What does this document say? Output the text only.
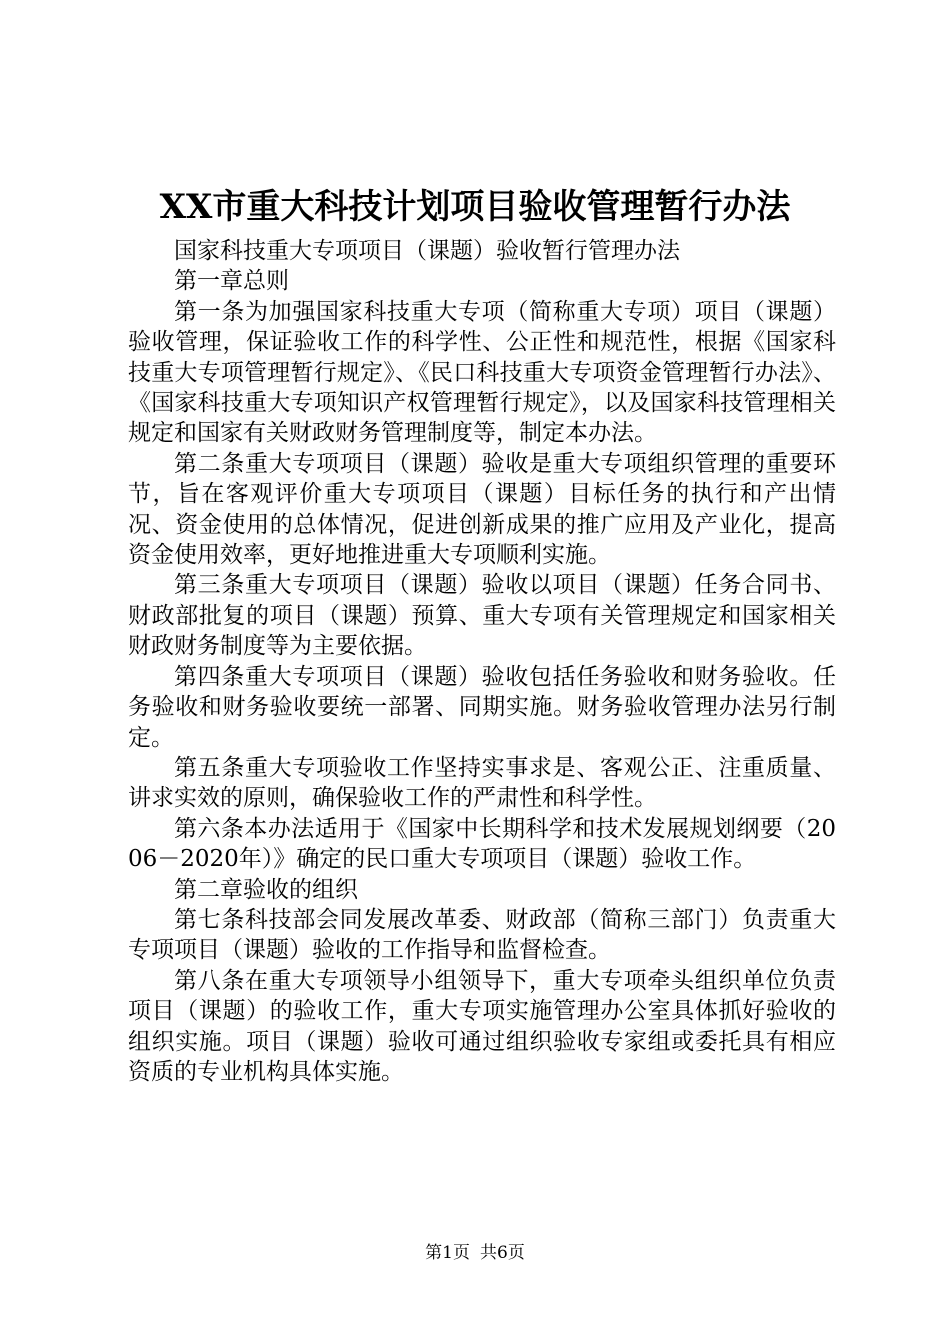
XX市重大科技计划项目验收管理暂行办法

国家科技重大专项项目（课题）验收暂行管理办法

第一章总则

第一条为加强国家科技重大专项（简称重大专项）项目（课题）验收管理，保证验收工作的科学性、公正性和规范性，根据《国家科技重大专项管理暂行规定》、《民口科技重大专项资金管理暂行办法》、《国家科技重大专项知识产权管理暂行规定》，以及国家科技管理相关规定和国家有关财政财务管理制度等，制定本办法。

第二条重大专项项目（课题）验收是重大专项组织管理的重要环节，旨在客观评价重大专项项目（课题）目标任务的执行和产出情况、资金使用的总体情况，促进创新成果的推广应用及产业化，提高资金使用效率，更好地推进重大专项顺利实施。

第三条重大专项项目（课题）验收以项目（课题）任务合同书、财政部批复的项目（课题）预算、重大专项有关管理规定和国家相关财政财务制度等为主要依据。

第四条重大专项项目（课题）验收包括任务验收和财务验收。任务验收和财务验收要统一部署、同期实施。财务验收管理办法另行制定。

第五条重大专项验收工作坚持实事求是、客观公正、注重质量、讲求实效的原则，确保验收工作的严肃性和科学性。

第六条本办法适用于《国家中长期科学和技术发展规划纲要（2006－2020年）》确定的民口重大专项项目（课题）验收工作。

第二章验收的组织

第七条科技部会同发展改革委、财政部（简称三部门）负责重大专项项目（课题）验收的工作指导和监督检查。

第八条在重大专项领导小组领导下，重大专项牵头组织单位负责项目（课题）的验收工作，重大专项实施管理办公室具体抓好验收的组织实施。项目（课题）验收可通过组织验收专家组或委托具有相应资质的专业机构具体实施。

第1页 共6页
